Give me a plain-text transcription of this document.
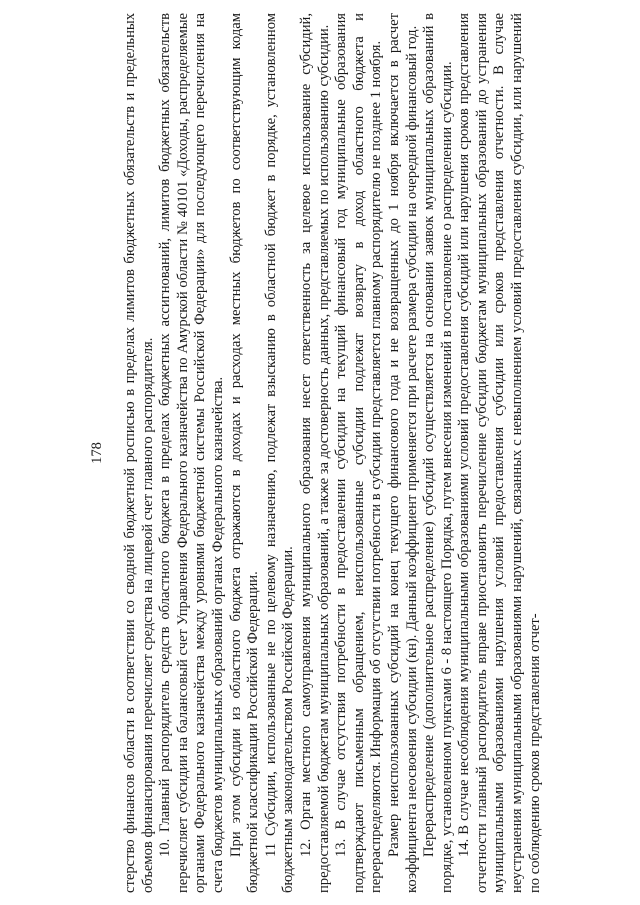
178 стерство финансов области в соответствии со сводной бюджетной росписью в пределах лимитов бюджетных обязательств и предельных объемов финансирования перечисляет средства на лицевой счет главного распорядителя. 10. Главный распорядитель средств областного бюджета в пределах бюджетных ассигнований, лимитов бюджетных обязательств перечисляет субсидии на балансовый счет Управления Федерального казначейства по Амурской области № 40101 «Доходы, распределяемые органами Федерального казначейства между уровнями бюджетной системы Российской Федерации» для последующего перечисления на счета бюджетов муниципальных образований органах Федерального казначейства. При этом субсидии из областного бюджета отражаются в доходах и расходах местных бюджетов по соответствующим кодам бюджетной классификации Российской Федерации. 11 Субсидии, использованные не по целевому назначению, подлежат взысканию в областной бюджет в порядке, установленном бюджетным законодательством Российской Федерации. 12. Орган местного самоуправления муниципального образования несет ответственность за целевое использование субсидий, предоставляемой бюджетам муниципальных образований, а также за достоверность данных, представляемых по использованию субсидии. 13. В случае отсутствия потребности в предоставлении субсидии на текущий финансовый год муниципальные образования подтверждают письменным обращением, неиспользованные субсидии подлежат возврату в доход областного бюджета и перераспределяются. Информация об отсутствии потребности в субсидии представляется главному распорядителю не позднее 1 ноября. Размер неиспользованных субсидий на конец текущего финансового года и не возвращенных до 1 ноября включается в расчет коэффициента неосвоения субсидии (кн). Данный коэффициент применяется при расчете размера субсидии на очередной финансовый год. Перераспределение (дополнительное распределение) субсидий осуществляется на основании заявок муниципальных образований в порядке, установленном пунктами 6 - 8 настоящего Порядка, путем внесения изменений в постановление о распределении субсидии. 14. В случае несоблюдения муниципальными образованиями условий предоставления субсидий или нарушения сроков представления отчетности главный распорядитель вправе приостановить перечисление субсидии бюджетам муниципальных образований до устранения муниципальными образованиями нарушения условий предоставления субсидии или сроков представления отчетности. В случае неустранения муниципальными образованиями нарушений, связанных с невыполнением условий предоставления субсидии, или нарушений по соблюдению сроков представления отчет-
